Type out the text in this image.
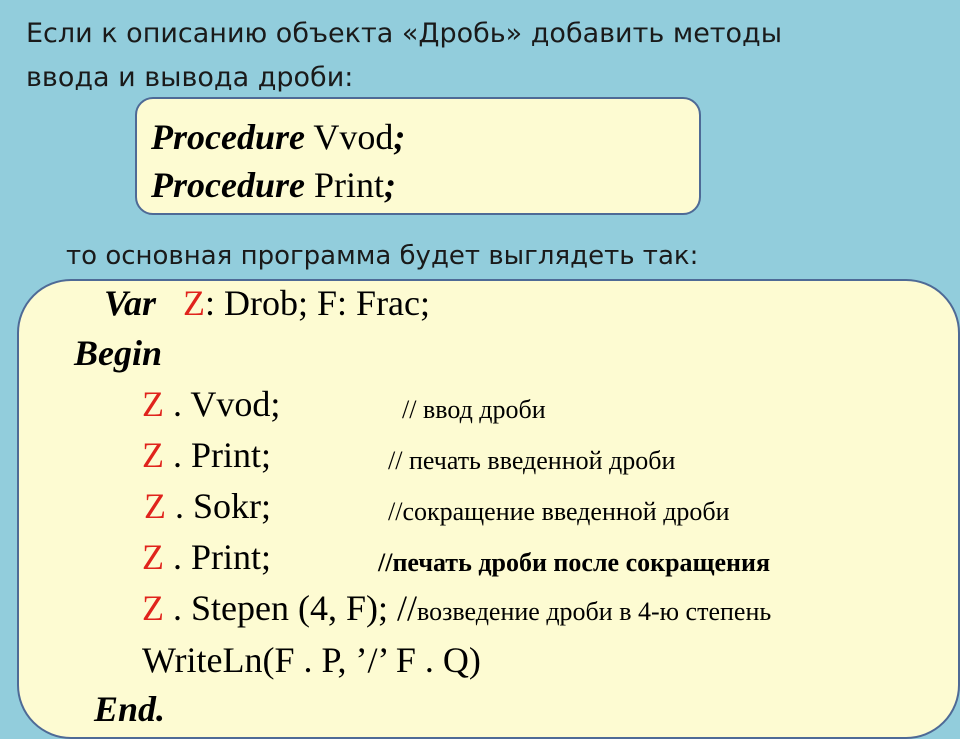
Если к описанию объекта «Дробь» добавить методы
ввода и вывода дроби:
Procedure Vvod;
Procedure Print;
то основная программа будет выглядеть так:
Var Z: Drob; F: Frac;
Begin
Z . Vvod;	// ввод дроби
Z . Print;	// печать введенной дроби
Z . Sokr;	//сокращение введенной дроби
Z . Print;	//печать дроби после сокращения
Z . Stepen (4, F); //возведение дроби в 4-ю степень
WriteLn(F . P, ’/’ F . Q)
End.
